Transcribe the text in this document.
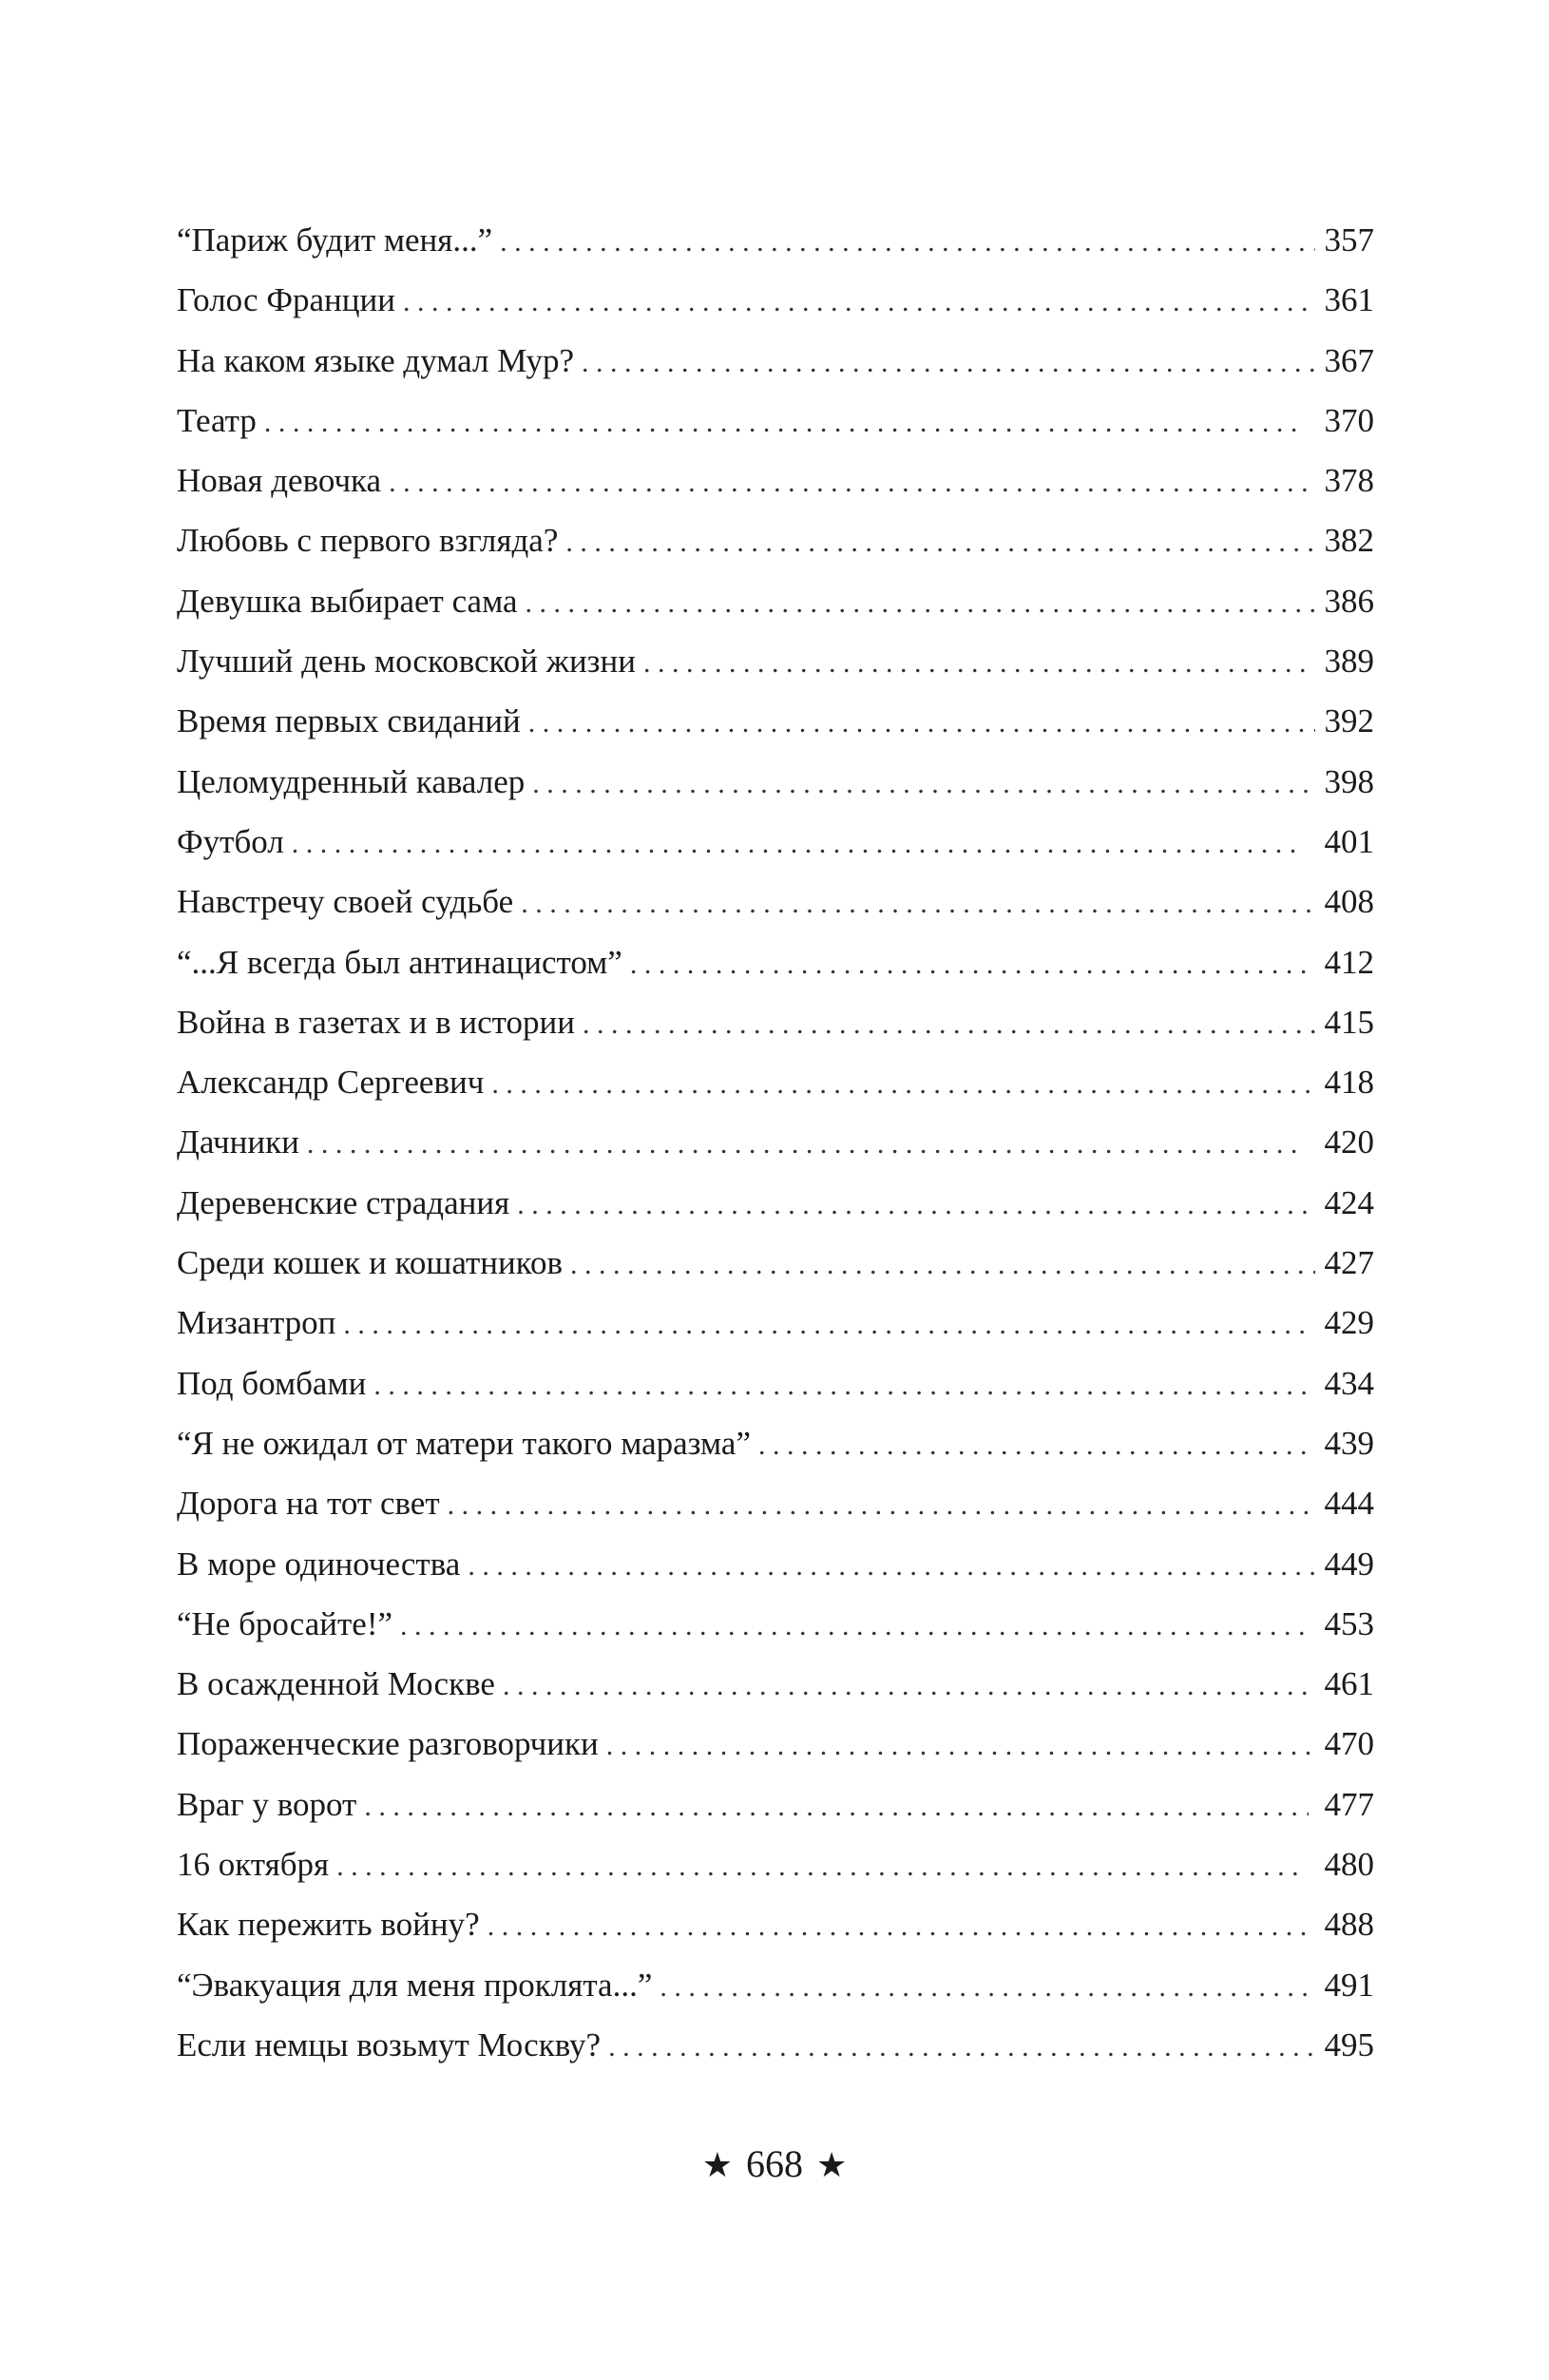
“Париж будит меня...” . . .	357
Голос Франции . . .	361
На каком языке думал Мур? . . .	367
Театр . . .	370
Новая девочка . . .	378
Любовь с первого взгляда? . . .	382
Девушка выбирает сама . . .	386
Лучший день московской жизни . . .	389
Время первых свиданий . . .	392
Целомудренный кавалер . . .	398
Футбол . . .	401
Навстречу своей судьбе . . .	408
“...Я всегда был антинацистом” . . .	412
Война в газетах и в истории . . .	415
Александр Сергеевич . . .	418
Дачники . . .	420
Деревенские страдания . . .	424
Среди кошек и кошатников . . .	427
Мизантроп . . .	429
Под бомбами . . .	434
“Я не ожидал от матери такого маразма” . . .	439
Дорога на тот свет . . .	444
В море одиночества . . .	449
“Не бросайте!” . . .	453
В осажденной Москве . . .	461
Пораженческие разговорчики . . .	470
Враг у ворот . . .	477
16 октября . . .	480
Как пережить войну? . . .	488
“Эвакуация для меня проклята...” . . .	491
Если немцы возьмут Москву? . . .	495
★ 668 ★
